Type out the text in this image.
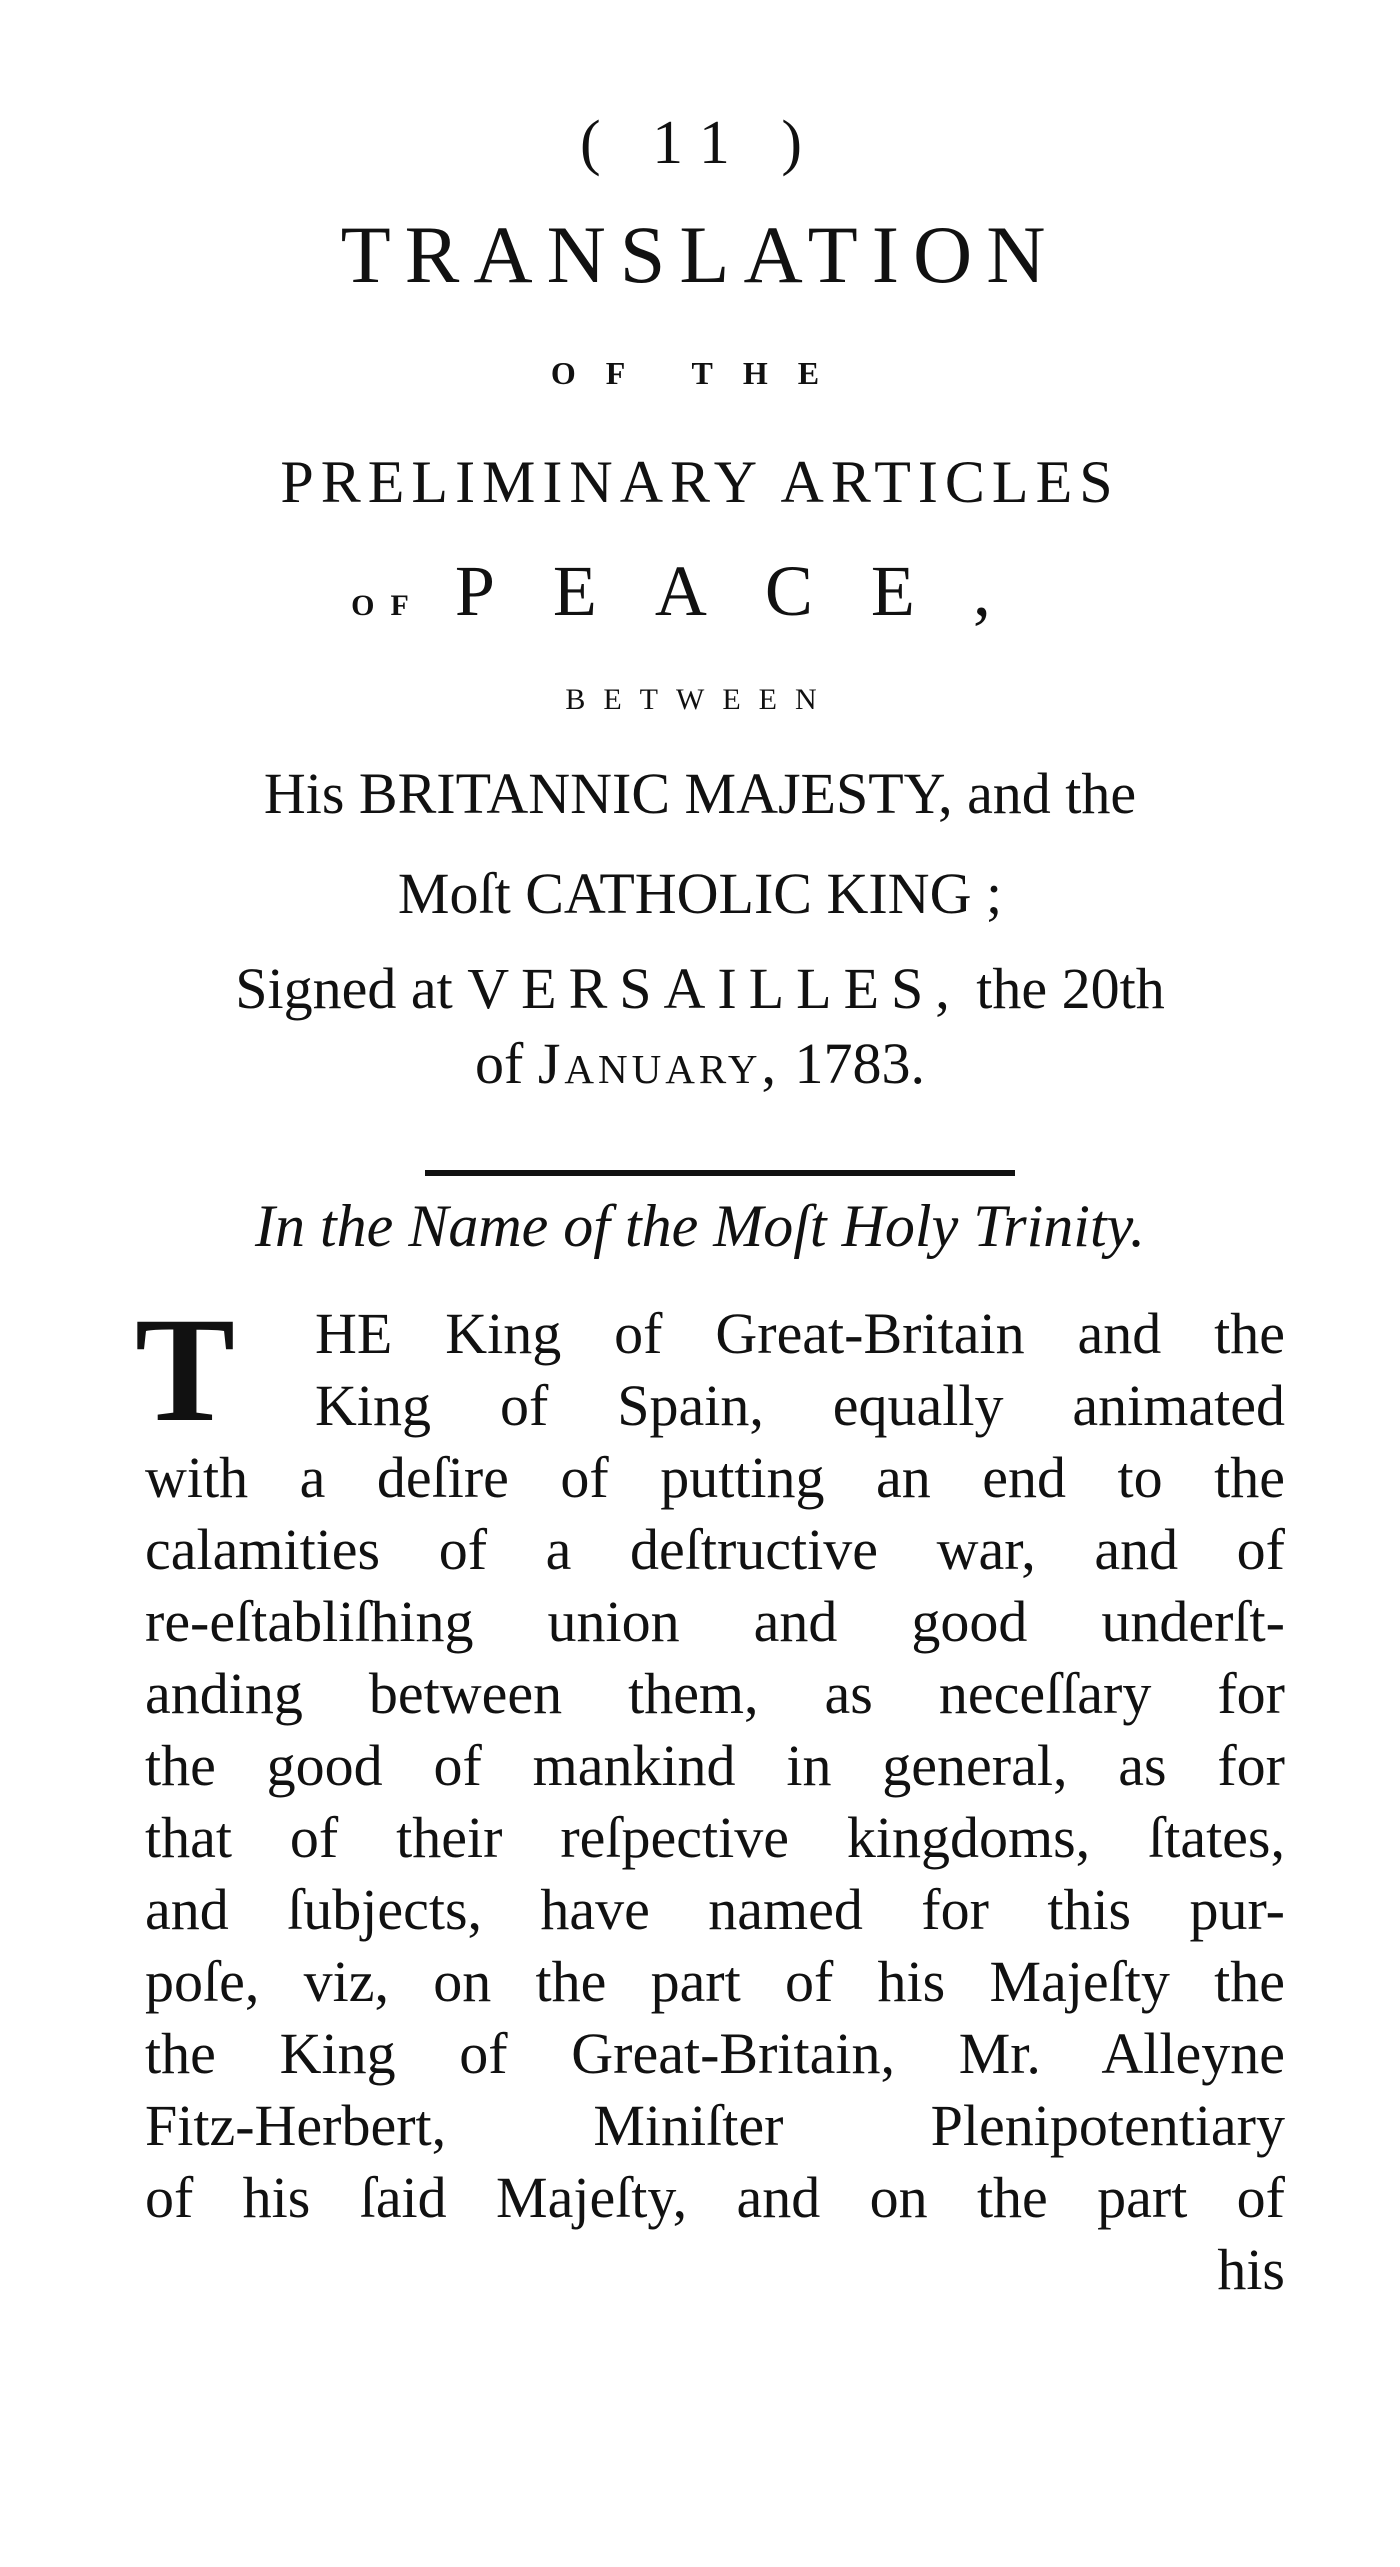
( 11 )
TRANSLATION
OF THE
PRELIMINARY ARTICLES
OF PEACE,
BETWEEN
His BRITANNIC MAJESTY, and the
Moſt CATHOLIC KING ;
Signed at VERSAILLES, the 20th
of January, 1783.
In the Name of the Moſt Holy Trinity.
T	HE King of Great-Britain and the
King of Spain, equally animated
with a deſire of putting an end to the
calamities of a deſtructive war, and of
re-eſtabliſhing union and good underſt-
anding between them, as neceſſary for
the good of mankind in general, as for
that of their reſpective kingdoms, ſtates,
and ſubjects, have named for this pur-
poſe, viz, on the part of his Majeſty the
the King of Great-Britain, Mr. Alleyne
Fitz-Herbert, Miniſter Plenipotentiary
of his ſaid Majeſty, and on the part of
his
